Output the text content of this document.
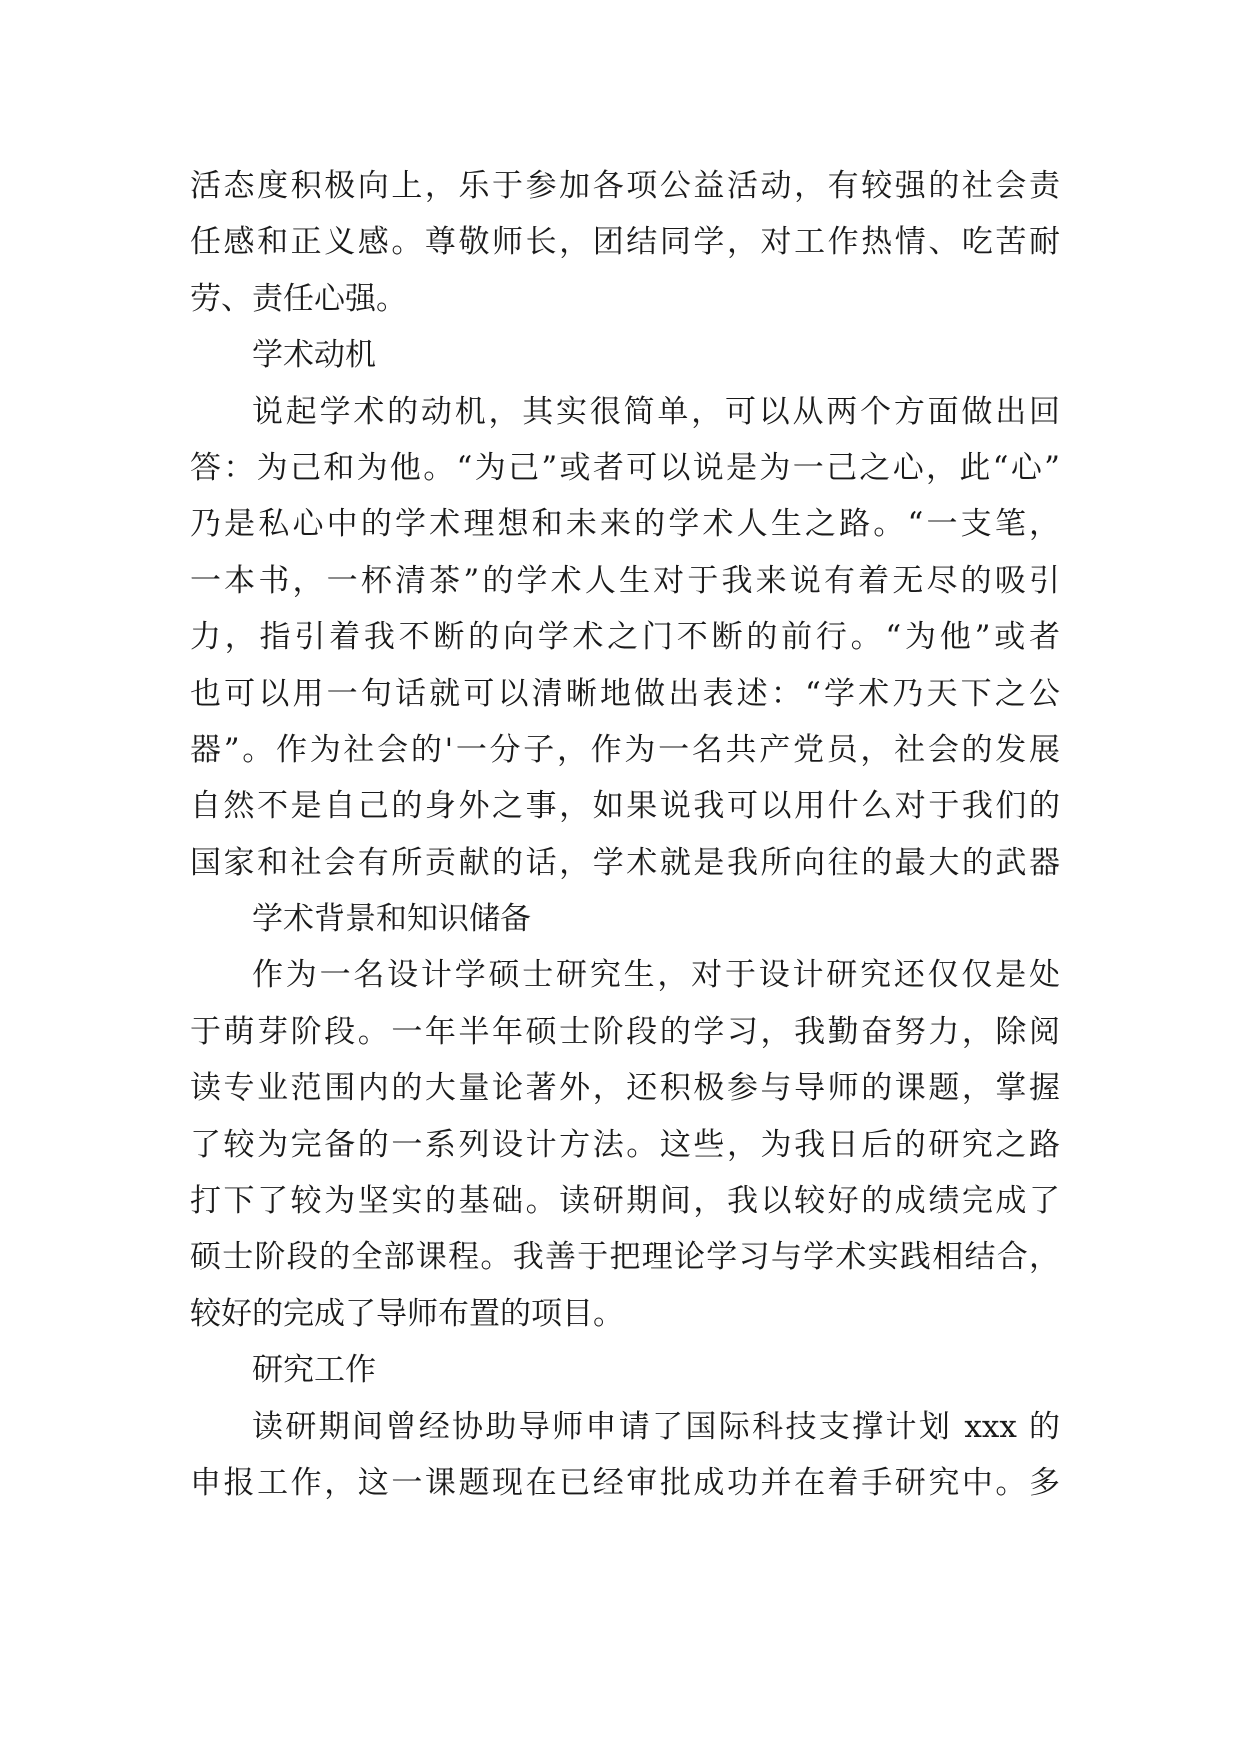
活态度积极向上，乐于参加各项公益活动，有较强的社会责
任感和正义感。尊敬师长，团结同学，对工作热情、吃苦耐
劳、责任心强。
学术动机
说起学术的动机，其实很简单，可以从两个方面做出回
答：为己和为他。“为己”或者可以说是为一己之心，此“心”
乃是私心中的学术理想和未来的学术人生之路。“一支笔，
一本书，一杯清茶”的学术人生对于我来说有着无尽的吸引
力，指引着我不断的向学术之门不断的前行。“为他”或者
也可以用一句话就可以清晰地做出表述：“学术乃天下之公
器”。作为社会的'一分子，作为一名共产党员，社会的发展
自然不是自己的身外之事，如果说我可以用什么对于我们的
国家和社会有所贡献的话，学术就是我所向往的最大的武器
学术背景和知识储备
作为一名设计学硕士研究生，对于设计研究还仅仅是处
于萌芽阶段。一年半年硕士阶段的学习，我勤奋努力，除阅
读专业范围内的大量论著外，还积极参与导师的课题，掌握
了较为完备的一系列设计方法。这些，为我日后的研究之路
打下了较为坚实的基础。读研期间，我以较好的成绩完成了
硕士阶段的全部课程。我善于把理论学习与学术实践相结合，
较好的完成了导师布置的项目。
研究工作
读研期间曾经协助导师申请了国际科技支撑计划 xxx 的
申报工作，这一课题现在已经审批成功并在着手研究中。多
